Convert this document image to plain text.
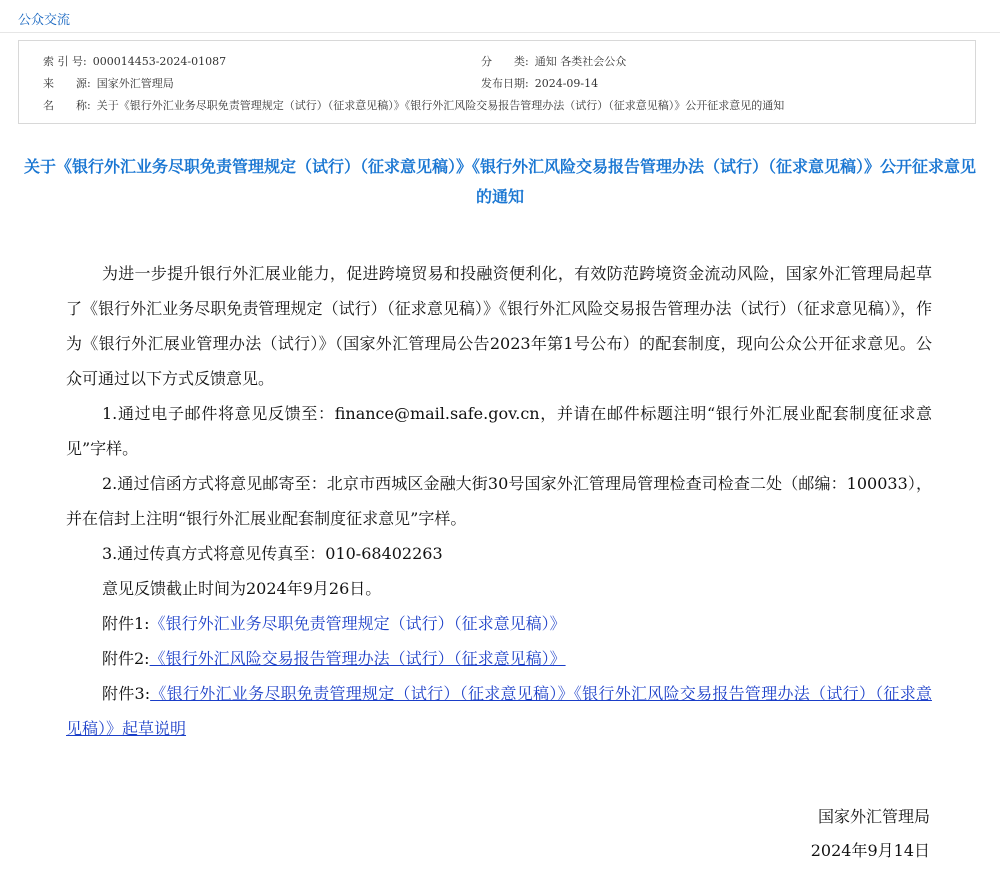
公众交流
索 引 号: 000014453-2024-01087	分　　类: 通知 各类社会公众
来　　源: 国家外汇管理局	发布日期: 2024-09-14
名　　称: 关于《银行外汇业务尽职免责管理规定（试行）（征求意见稿）》《银行外汇风险交易报告管理办法（试行）（征求意见稿）》公开征求意见的通知
关于《银行外汇业务尽职免责管理规定（试行）（征求意见稿）》《银行外汇风险交易报告管理办法（试行）（征求意见稿）》公开征求意见的通知

为进一步提升银行外汇展业能力，促进跨境贸易和投融资便利化，有效防范跨境资金流动风险，国家外汇管理局起草了《银行外汇业务尽职免责管理规定（试行）（征求意见稿）》《银行外汇风险交易报告管理办法（试行）（征求意见稿）》，作为《银行外汇展业管理办法（试行）》（国家外汇管理局公告2023年第1号公布）的配套制度，现向公众公开征求意见。公众可通过以下方式反馈意见。

1.通过电子邮件将意见反馈至：finance@mail.safe.gov.cn，并请在邮件标题注明“银行外汇展业配套制度征求意见”字样。

2.通过信函方式将意见邮寄至：北京市西城区金融大街30号国家外汇管理局管理检查司检查二处（邮编：100033），并在信封上注明“银行外汇展业配套制度征求意见”字样。

3.通过传真方式将意见传真至：010-68402263

意见反馈截止时间为2024年9月26日。

附件1:《银行外汇业务尽职免责管理规定（试行）（征求意见稿）》

附件2:《银行外汇风险交易报告管理办法（试行）（征求意见稿）》

附件3:《银行外汇业务尽职免责管理规定（试行）（征求意见稿）》《银行外汇风险交易报告管理办法（试行）（征求意见稿）》起草说明

国家外汇管理局
2024年9月14日
